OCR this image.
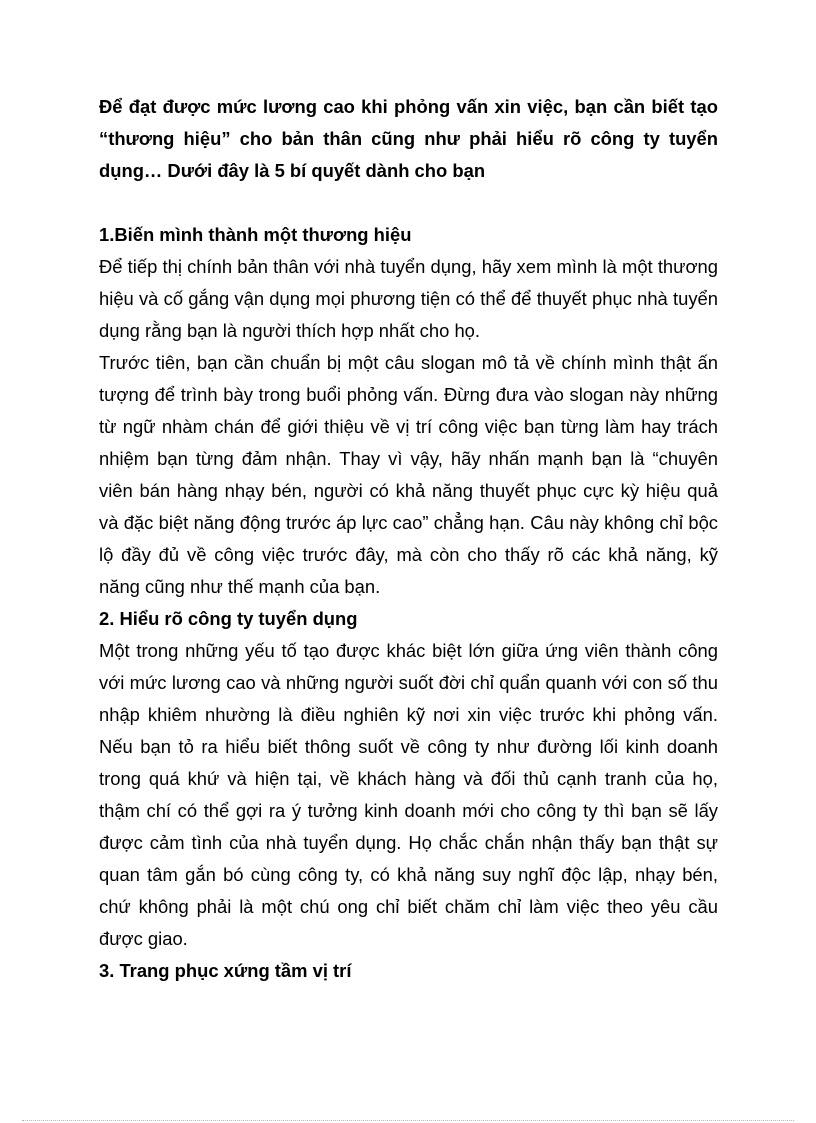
Để đạt được mức lương cao khi phỏng vấn xin việc, bạn cần biết tạo “thương hiệu” cho bản thân cũng như phải hiểu rõ công ty tuyển dụng… Dưới đây là 5 bí quyết dành cho bạn

1.Biến mình thành một thương hiệu

Để tiếp thị chính bản thân với nhà tuyển dụng, hãy xem mình là một thương hiệu và cố gắng vận dụng mọi phương tiện có thể để thuyết phục nhà tuyển dụng rằng bạn là người thích hợp nhất cho họ.

Trước tiên, bạn cần chuẩn bị một câu slogan mô tả về chính mình thật ấn tượng để trình bày trong buổi phỏng vấn. Đừng đưa vào slogan này những từ ngữ nhàm chán để giới thiệu về vị trí công việc bạn từng làm hay trách nhiệm bạn từng đảm nhận. Thay vì vậy, hãy nhấn mạnh bạn là “chuyên viên bán hàng nhạy bén, người có khả năng thuyết phục cực kỳ hiệu quả và đặc biệt năng động trước áp lực cao” chẳng hạn. Câu này không chỉ bộc lộ đầy đủ về công việc trước đây, mà còn cho thấy rõ các khả năng, kỹ năng cũng như thế mạnh của bạn.

2. Hiểu rõ công ty tuyển dụng

Một trong những yếu tố tạo được khác biệt lớn giữa ứng viên thành công với mức lương cao và những người suốt đời chỉ quẩn quanh với con số thu nhập khiêm nhường là điều nghiên kỹ nơi xin việc trước khi phỏng vấn. Nếu bạn tỏ ra hiểu biết thông suốt về công ty như đường lối kinh doanh trong quá khứ và hiện tại, về khách hàng và đối thủ cạnh tranh của họ, thậm chí có thể gợi ra ý tưởng kinh doanh mới cho công ty thì bạn sẽ lấy được cảm tình của nhà tuyển dụng. Họ chắc chắn nhận thấy bạn thật sự quan tâm gắn bó cùng công ty, có khả năng suy nghĩ độc lập, nhạy bén, chứ không phải là một chú ong chỉ biết chăm chỉ làm việc theo yêu cầu được giao.

3. Trang phục xứng tầm vị trí
